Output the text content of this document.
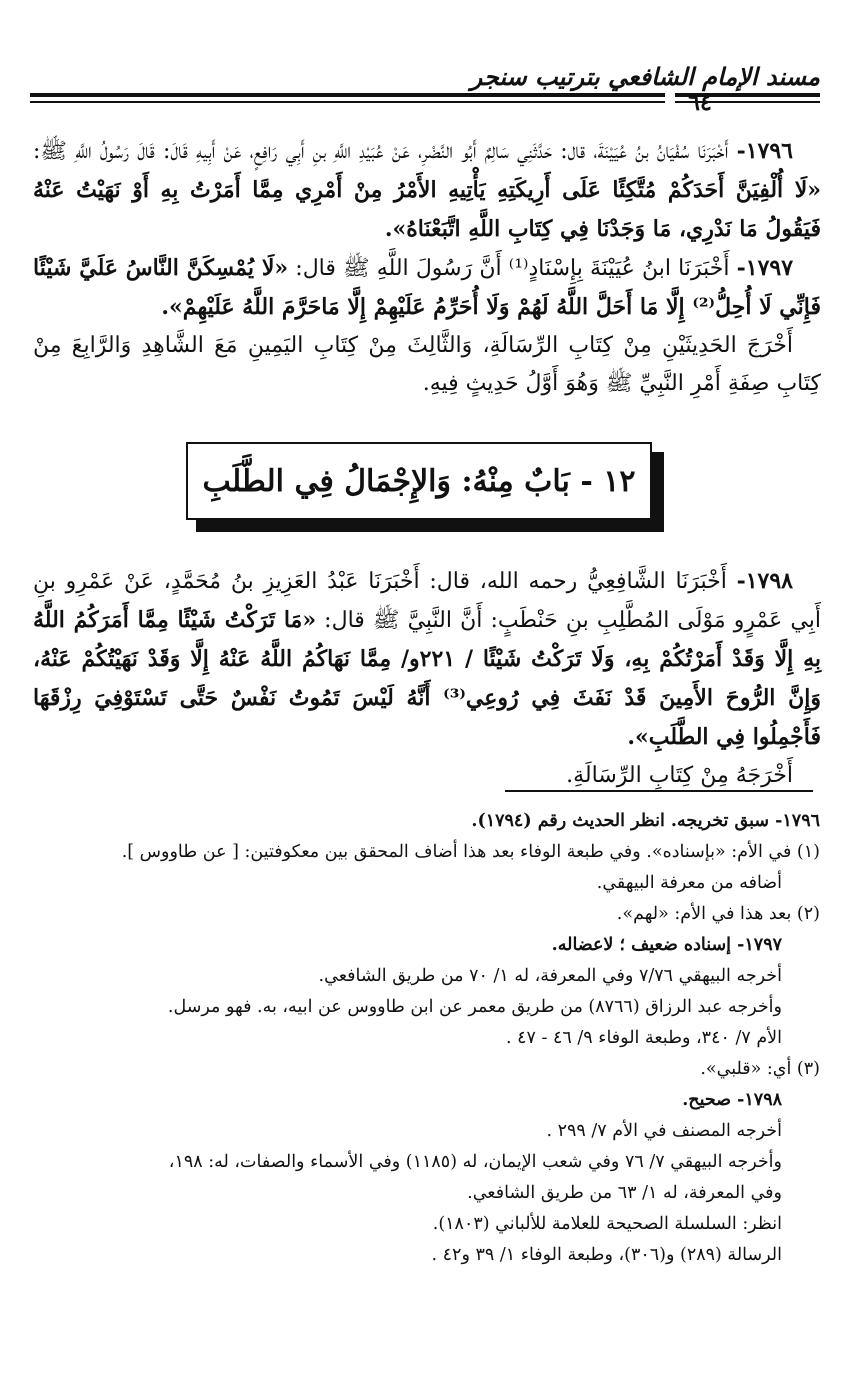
مسند الإمام الشافعي بترتيب سنجر
٦٤

١٧٩٦- أَخْبَرَنَا سُفْيَانُ بنُ عُيَيْنَةَ، قال: حَدَّثَنِي سَالِمٌ أَبُو النَّضْرِ، عَنْ عُبَيْدِ اللَّهِ بنِ أَبِي رَافِعٍ، عَنْ أَبِيهِ قَالَ: قَالَ رَسُولُ اللَّهِ ﷺ: «لَا أُلْفِيَنَّ أَحَدَكُمْ مُتَّكِئًا عَلَى أَرِيكَتِهِ يَأْتِيهِ الأَمْرُ مِنْ أَمْرِي مِمَّا أَمَرْتُ بِهِ أَوْ نَهَيْتُ عَنْهُ فَيَقُولُ مَا نَدْرِي، مَا وَجَدْنَا فِي كِتَابِ اللَّهِ اتَّبَعْنَاهُ».

١٧٩٧- أَخْبَرَنَا ابنُ عُيَيْنَةَ بِإِسْنَادٍ⁽¹⁾ أَنَّ رَسُولَ اللَّهِ ﷺ قال: «لَا يُمْسِكَنَّ النَّاسُ عَلَيَّ شَيْئًا فَإِنِّي لَا أُحِلُّ⁽²⁾ إِلَّا مَا أَحَلَّ اللَّهُ لَهُمْ وَلَا أُحَرِّمُ عَلَيْهِمْ إِلَّا مَاحَرَّمَ اللَّهُ عَلَيْهِمْ».

أَخْرَجَ الحَدِيثَيْنِ مِنْ كِتَابِ الرِّسَالَةِ، وَالثَّالِثَ مِنْ كِتَابِ اليَمِينِ مَعَ الشَّاهِدِ وَالرَّابِعَ مِنْ كِتَابِ صِفَةِ أَمْرِ النَّبِيِّ ﷺ وَهُوَ أَوَّلُ حَدِيثٍ فِيهِ.

١٢ - بَابٌ مِنْهُ: وَالإِجْمَالُ فِي الطَّلَبِ

١٧٩٨- أَخْبَرَنَا الشَّافِعِيُّ رحمه الله، قال: أَخْبَرَنَا عَبْدُ العَزِيزِ بنُ مُحَمَّدٍ، عَنْ عَمْرِو بنِ أَبِي عَمْرٍو مَوْلَى المُطَّلِبِ بنِ حَنْطَبٍ: أَنَّ النَّبِيَّ ﷺ قال: «مَا تَرَكْتُ شَيْئًا مِمَّا أَمَرَكُمُ اللَّهُ بِهِ إِلَّا وَقَدْ أَمَرْتُكُمْ بِهِ، وَلَا تَرَكْتُ شَيْئًا / ٢٢١و/ مِمَّا نَهَاكُمُ اللَّهُ عَنْهُ إِلَّا وَقَدْ نَهَيْتُكُمْ عَنْهُ، وَإِنَّ الرُّوحَ الأَمِينَ قَدْ نَفَثَ فِي رُوعِي⁽³⁾ أَنَّهُ لَيْسَ تَمُوتُ نَفْسٌ حَتَّى تَسْتَوْفِيَ رِزْقَهَا فَأَجْمِلُوا فِي الطَّلَبِ».

أَخْرَجَهُ مِنْ كِتَابِ الرِّسَالَةِ.

١٧٩٦- سبق تخريجه. انظر الحديث رقم (١٧٩٤).

(١) في الأم: «بإسناده». وفي طبعة الوفاء بعد هذا أضاف المحقق بين معكوفتين: [ عن طاووس ].

أضافه من معرفة البيهقي.

(٢) بعد هذا في الأم: «لهم».

١٧٩٧- إسناده ضعيف ؛ لاعضاله.

أخرجه البيهقي ٧/٧٦ وفي المعرفة، له ١/ ٧٠ من طريق الشافعي.

وأخرجه عبد الرزاق (٨٧٦٦) من طريق معمر عن ابن طاووس عن ابيه، به. فهو مرسل.

الأم ٧/ ٣٤٠، وطبعة الوفاء ٩/ ٤٦ - ٤٧ .

(٣) أي: «قلبي».

١٧٩٨- صحيح.

أخرجه المصنف في الأم ٧/ ٢٩٩ .

وأخرجه البيهقي ٧/ ٧٦ وفي شعب الإيمان، له (١١٨٥) وفي الأسماء والصفات، له: ١٩٨،

وفي المعرفة، له ١/ ٦٣ من طريق الشافعي.

انظر: السلسلة الصحيحة للعلامة للألباني (١٨٠٣).

الرسالة (٢٨٩) و(٣٠٦)، وطبعة الوفاء ١/ ٣٩ و٤٢ .
